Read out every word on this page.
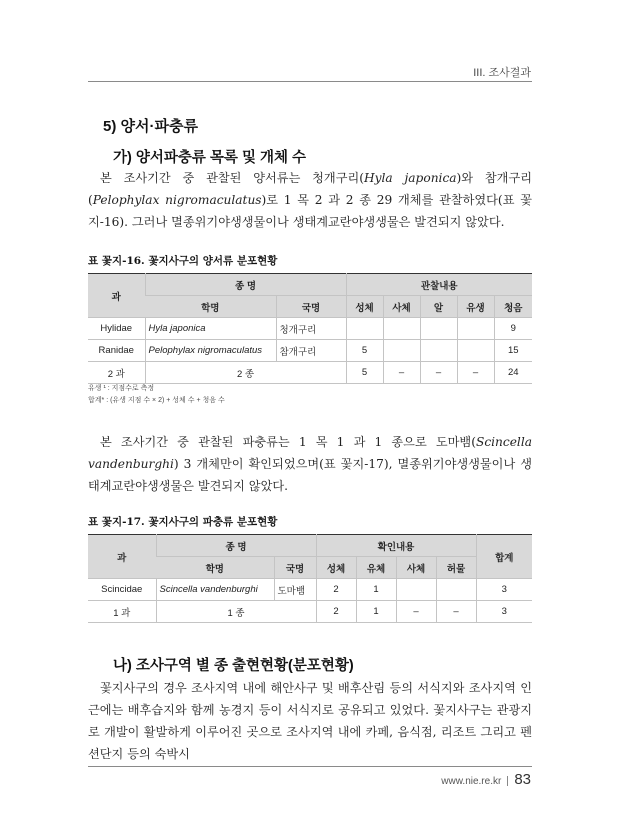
III. 조사결과
5) 양서·파충류
가) 양서파충류 목록 및 개체 수
본 조사기간 중 관찰된 양서류는 청개구리(Hyla japonica)와 참개구리(Pelophylax nigromaculatus)로 1 목 2 과 2 종 29 개체를 관찰하였다(표 꽃지-16). 그러나 멸종위기야생생물이나 생태계교란야생생물은 발견되지 않았다.
표 꽃지-16. 꽃지사구의 양서류 분포현황
과	종 명		관찰내용				
	학명	국명	성체	사체	알	유생	청음
Hylidae	Hyla japonica	청개구리					9
Ranidae	Pelophylax nigromaculatus	참개구리	5				15
2 과	2 종		5	–	–	–	24
유생 ¹ : 지점수로 측정
합계* : (유생 지점 수 × 2) + 성체 수 + 청음 수
본 조사기간 중 관찰된 파충류는 1 목 1 과 1 종으로 도마뱀(Scincella vandenburghi) 3 개체만이 확인되었으며(표 꽃지-17), 멸종위기야생생물이나 생태계교란야생생물은 발견되지 않았다.
표 꽃지-17. 꽃지사구의 파충류 분포현황
과	종 명		확인내용				합계
	학명	국명	성체	유체	사체	허물	
Scincidae	Scincella vandenburghi	도마뱀	2	1			3
1 과	1 종		2	1	–	–	3
나) 조사구역 별 종 출현현황(분포현황)
꽃지사구의 경우 조사지역 내에 해안사구 및 배후산림 등의 서식지와 조사지역 인근에는 배후습지와 함께 농경지 등이 서식지로 공유되고 있었다. 꽃지사구는 관광지로 개발이 활발하게 이루어진 곳으로 조사지역 내에 카페, 음식점, 리조트 그리고 펜션단지 등의 숙박시
www.nie.re.kr 83
